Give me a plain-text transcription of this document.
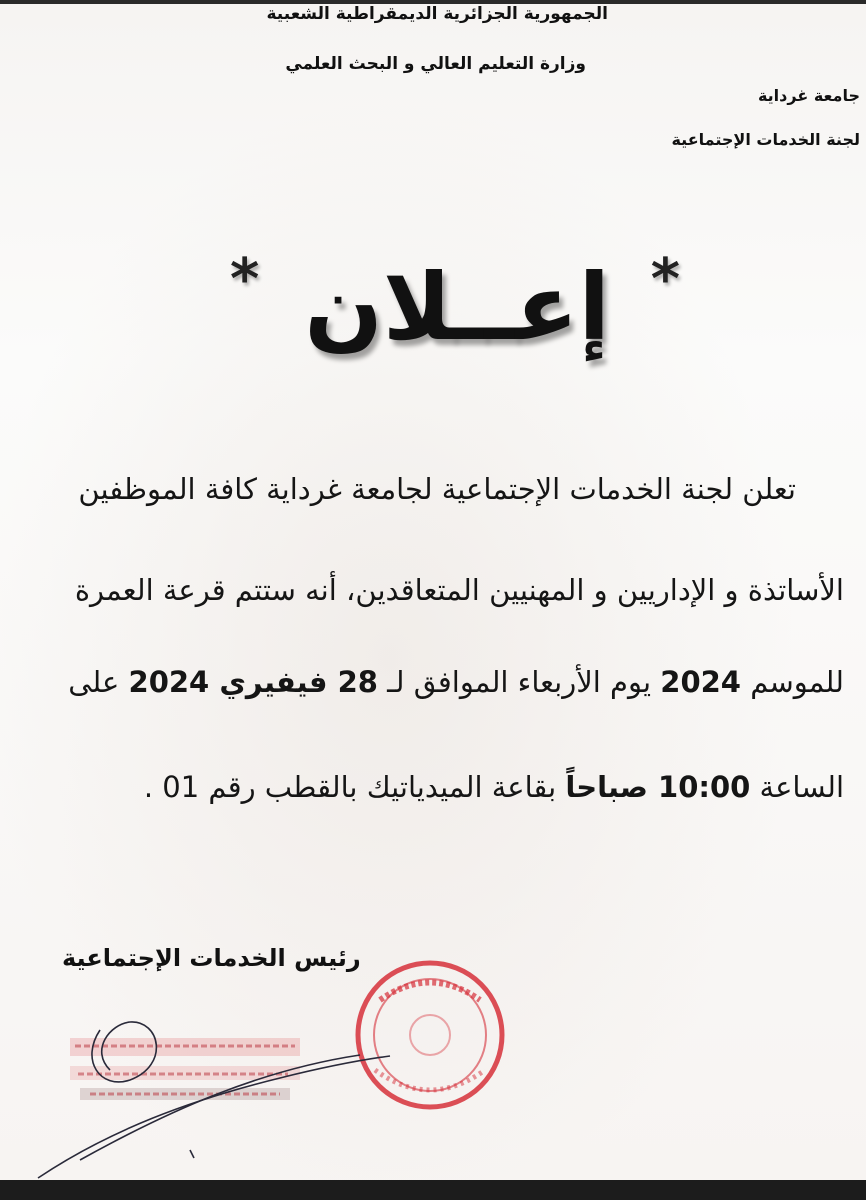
الجمهورية الجزائرية الديمقراطية الشعبية
وزارة التعليم العالي و البحث العلمي
جامعة غرداية
لجنة الخدمات الإجتماعية
* إعــلان *
تعلن لجنة الخدمات الإجتماعية لجامعة غرداية كافة الموظفين
الأساتذة و الإداريين و المهنيين المتعاقدين، أنه ستتم قرعة العمرة
للموسم 2024 يوم الأربعاء الموافق لـ 28 فيفيري 2024 على
الساعة 10:00 صباحاً بقاعة الميدياتيك بالقطب رقم 01 .
رئيس الخدمات الإجتماعية
